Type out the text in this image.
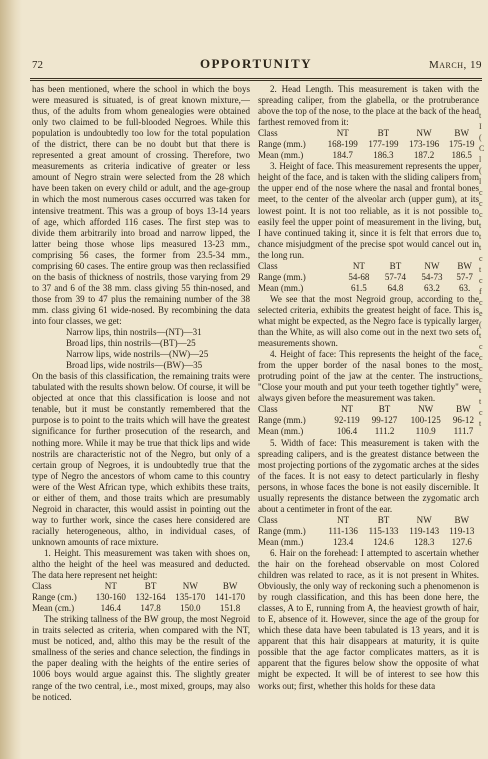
72	OPPORTUNITY	March, 19

has been mentioned, where the school in which the boys were measured is situated, is of great known mixture,—thus, of the adults from whom genealogies were obtained only two claimed to be full-blooded Negroes. While this population is undoubtedly too low for the total population of the district, there can be no doubt but that there is represented a great amount of crossing. Therefore, two measurements as criteria indicative of greater or less amount of Negro strain were selected from the 28 which have been taken on every child or adult, and the age-group in which the most numerous cases occurred was taken for intensive treatment. This was a group of boys 13-14 years of age, which afforded 116 cases. The first step was to divide them arbitrarily into broad and narrow lipped, the latter being those whose lips measured 13-23 mm., comprising 56 cases, the former from 23.5-34 mm., comprising 60 cases. The entire group was then reclassified on the basis of thickness of nostrils, those varying from 29 to 37 and 6 of the 38 mm. class giving 55 thin-nosed, and those from 39 to 47 plus the remaining number of the 38 mm. class giving 61 wide-nosed. By recombining the data into four classes, we get:

Narrow lips, thin nostrils—(NT)—31
Broad lips, thin nostrils—(BT)—25
Narrow lips, wide nostrils—(NW)—25
Broad lips, wide nostrils—(BW)—35

On the basis of this classification, the remaining traits were tabulated with the results shown below. Of course, it will be objected at once that this classification is loose and not tenable, but it must be constantly remembered that the purpose is to point to the traits which will have the greatest significance for further prosecution of the research, and nothing more. While it may be true that thick lips and wide nostrils are characteristic not of the Negro, but only of a certain group of Negroes, it is undoubtedly true that the type of Negro the ancestors of whom came to this country were of the West African type, which exhibits these traits, or either of them, and those traits which are presumably Negroid in character, this would assist in pointing out the way to further work, since the cases here considered are racially heterogeneous, altho, in individual cases, of unknown amounts of race mixture.

1. Height. This measurement was taken with shoes on, altho the height of the heel was measured and deducted. The data here represent net height:

Class	NT	BT	NW	BW
Range (cm.)	130-160	132-164	135-170	141-170
Mean (cm.)	146.4	147.8	150.0	151.8

The striking tallness of the BW group, the most Negroid in traits selected as criteria, when compared with the NT, must be noticed, and, altho this may be the result of the smallness of the series and chance selection, the findings in the paper dealing with the heights of the entire series of 1006 boys would argue against this. The slightly greater range of the two central, i.e., most mixed, groups, may also be noticed.

2. Head Length. This measurement is taken with the spreading caliper, from the glabella, or the protruberance above the top of the nose, to the place at the back of the head farthest removed from it:

Class	NT	BT	NW	BW
Range (mm.)	168-199	177-199	173-196	175-19
Mean (mm.)	184.7	186.3	187.2	186.5

3. Height of face. This measurement represents the upper height of the face, and is taken with the sliding calipers from the upper end of the nose where the nasal and frontal bones meet, to the center of the alveolar arch (upper gum), at its lowest point. It is not too reliable, as it is not possible to easily feel the upper point of measurement in the living, but I have continued taking it, since it is felt that errors due to chance misjudgment of the precise spot would cancel out in the long run.

Class	NT	BT	NW	BW
Range (mm.)	54-68	57-74	54-73	57-7
Mean (mm.)	61.5	64.8	63.2	63.

We see that the most Negroid group, according to the selected criteria, exhibits the greatest height of face. This is what might be expected, as the Negro face is typically larger than the White, as will also come out in the next two sets of measurements shown.

4. Height of face: This represents the height of the face from the upper border of the nasal bones to the most protruding point of the jaw at the center. The instructions "Close your mouth and put your teeth together tightly" were always given before the measurement was taken.

Class	NT	BT	NW	BW
Range (mm.)	92-119	99-127	100-125	96-12
Mean (mm.)	106.4	111.2	110.9	111.7

5. Width of face: This measurement is taken with the spreading calipers, and is the greatest distance between the most projecting portions of the zygomatic arches at the sides of the faces. It is not easy to detect particularly in fleshy persons, in whose faces the bone is not easily discernible. It usually represents the distance between the zygomatic arch about a centimeter in front of the ear.

Class	NT	BT	NW	BW
Range (mm.)	111-136	115-133	119-143	119-13
Mean (mm.)	123.4	124.6	128.3	127.6

6. Hair on the forehead: I attempted to ascertain whether the hair on the forehead observable on most Colored children was related to race, as it is not present in Whites. Obviously, the only way of reckoning such a phenomenon is by rough classification, and this has been done here, the classes, A to E, running from A, the heaviest growth of hair, to E, absence of it. However, since the age of the group for which these data have been tabulated is 13 years, and it is apparent that this hair disappears at maturity, it is quite possible that the age factor complicates matters, as it is apparent that the figures below show the opposite of what might be expected. It will be of interest to see how this works out; first, whether this holds for these data

t
I
(
C
l
(
l
c
c
c
t
t
t
c
t
c
f
c
e
(
t
c
c
c
c
t
t
c
t
